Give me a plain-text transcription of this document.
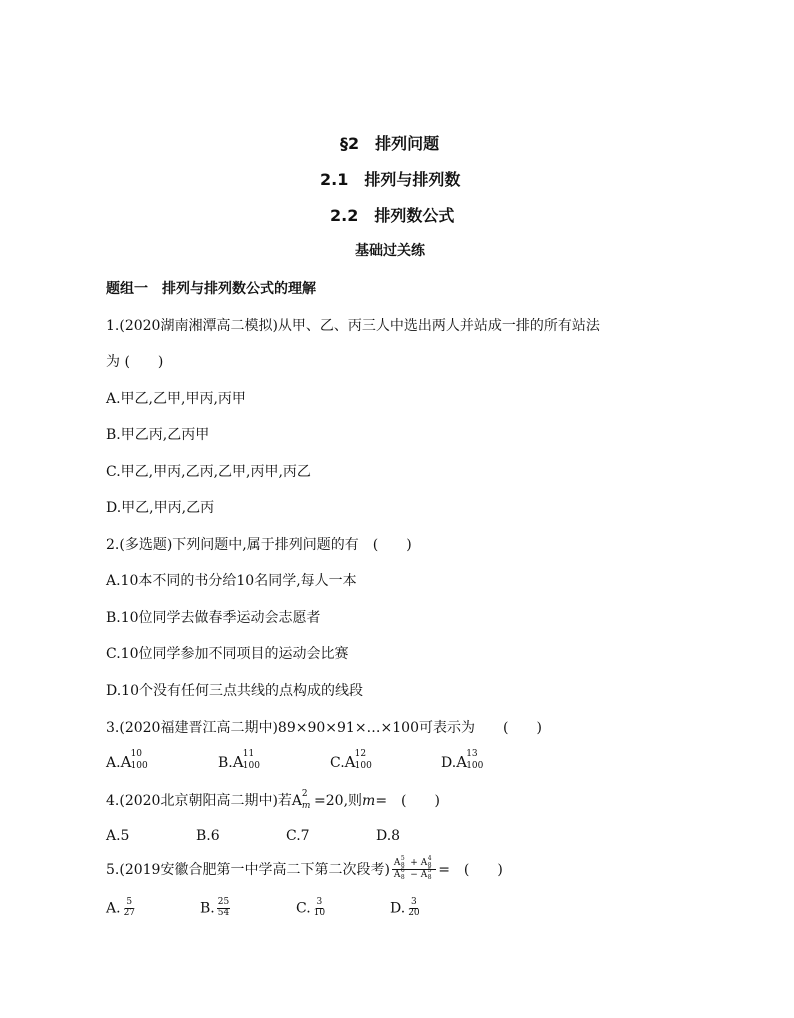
§2　排列问题
2.1　排列与排列数
2.2　排列数公式
基础过关练
题组一　排列与排列数公式的理解
1.(2020湖南湘潭高二模拟)从甲、乙、丙三人中选出两人并站成一排的所有站法
为 (　　)
A.甲乙,乙甲,甲丙,丙甲
B.甲乙丙,乙丙甲
C.甲乙,甲丙,乙丙,乙甲,丙甲,丙乙
D.甲乙,甲丙,乙丙
2.(多选题)下列问题中,属于排列问题的有　(　　)
A.10本不同的书分给10名同学,每人一本
B.10位同学去做春季运动会志愿者
C.10位同学参加不同项目的运动会比赛
D.10个没有任何三点共线的点构成的线段
3.(2020福建晋江高二期中)89×90×91×…×100可表示为　　(　　)
A.A 10
100	B.A 11
100	C.A 12
100	D.A 13
100
4.(2020北京朝阳高二期中)若A 2
m =20,则m=　(　　)
A.5	B.6	C.7	D.8
5.(2019安徽合肥第一中学高二下第二次段考) A 5
8 + A 4
8
A 6
8 − A 5
8 =　(　　)
A. $\frac{5}{27}$	B. $\frac{25}{54}$	C. $\frac{3}{10}$	D. $\frac{3}{20}$
